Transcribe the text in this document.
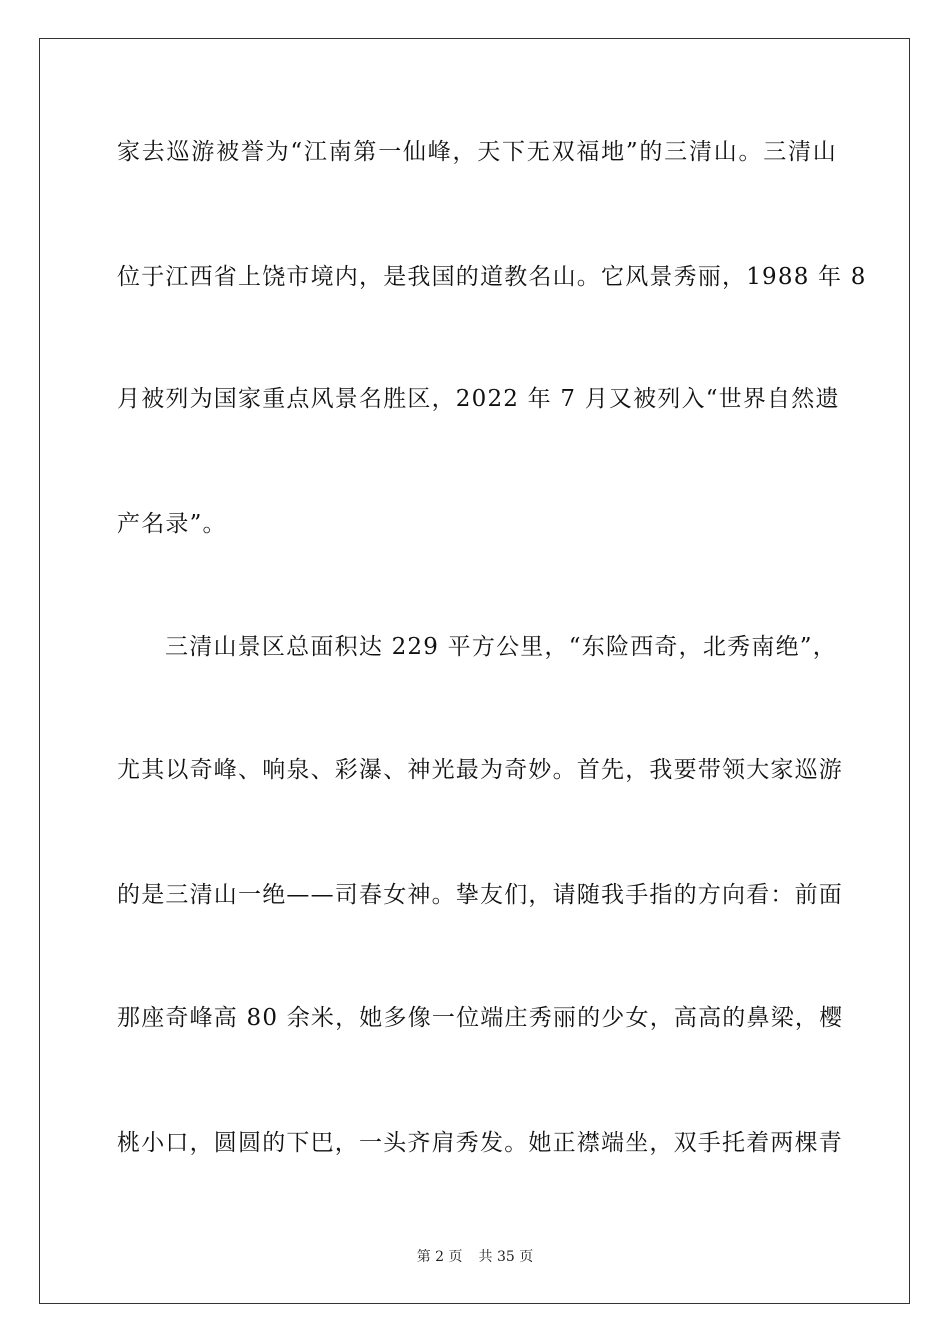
家去巡游被誉为“江南第一仙峰，天下无双福地”的三清山。三清山
位于江西省上饶市境内，是我国的道教名山。它风景秀丽，1988 年 8
月被列为国家重点风景名胜区，2022 年 7 月又被列入“世界自然遗
产名录”。
三清山景区总面积达 229 平方公里，“东险西奇，北秀南绝”，
尤其以奇峰、响泉、彩瀑、神光最为奇妙。首先，我要带领大家巡游
的是三清山一绝——司春女神。挚友们，请随我手指的方向看：前面
那座奇峰高 80 余米，她多像一位端庄秀丽的少女，高高的鼻梁，樱
桃小口，圆圆的下巴，一头齐肩秀发。她正襟端坐，双手托着两棵青
第 2 页 共 35 页
